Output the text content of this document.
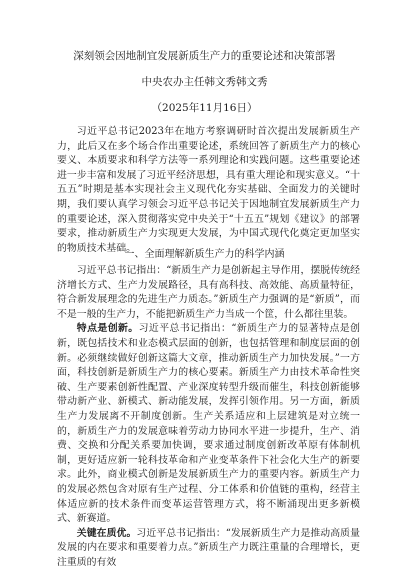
深刻领会因地制宜发展新质生产力的重要论述和决策部署
中央农办主任韩文秀韩文秀
（2025年11月16日）

习近平总书记2023年在地方考察调研时首次提出发展新质生产力，此后又在多个场合作出重要论述，系统回答了新质生产力的核心要义、本质要求和科学方法等一系列理论和实践问题。这些重要论述进一步丰富和发展了习近平经济思想，具有重大理论和现实意义。“十五五”时期是基本实现社会主义现代化夯实基础、全面发力的关键时期，我们要认真学习领会习近平总书记关于因地制宜发展新质生产力的重要论述，深入贯彻落实党中央关于“十五五”规划《建议》的部署要求，推动新质生产力实现更大发展，为中国式现代化奠定更加坚实的物质技术基础。

一、全面理解新质生产力的科学内涵

习近平总书记指出：“新质生产力是创新起主导作用，摆脱传统经济增长方式、生产力发展路径，具有高科技、高效能、高质量特征，符合新发展理念的先进生产力质态。”新质生产力强调的是“新质”，而不是一般的生产力，不能把新质生产力当成一个筐，什么都往里装。

特点是创新。习近平总书记指出：“新质生产力的显著特点是创新，既包括技术和业态模式层面的创新，也包括管理和制度层面的创新。必须继续做好创新这篇大文章，推动新质生产力加快发展。”一方面，科技创新是新质生产力的核心要素。新质生产力由技术革命性突破、生产要素创新性配置、产业深度转型升级而催生，科技创新能够带动新产业、新模式、新动能发展，发挥引领作用。另一方面，新质生产力发展离不开制度创新。生产关系适应和上层建筑是对立统一的，新质生产力的发展意味着劳动力协同水平进一步提升，生产、消费、交换和分配关系要加快调，要求通过制度创新改革原有体制机制，更好适应新一轮科技革命和产业变革条件下社会化大生产的新要求。此外，商业模式创新是发展新质生产力的重要内容。新质生产力的发展必然包含对原有生产过程、分工体系和价值链的重构，经营主体适应新的技术条件而变革运营管理方式，将不断涌现出更多新模式、新赛道。

关键在质优。习近平总书记指出：“发展新质生产力是推动高质量发展的内在要求和重要着力点。”新质生产力既注重量的合理增长，更注重质的有效
